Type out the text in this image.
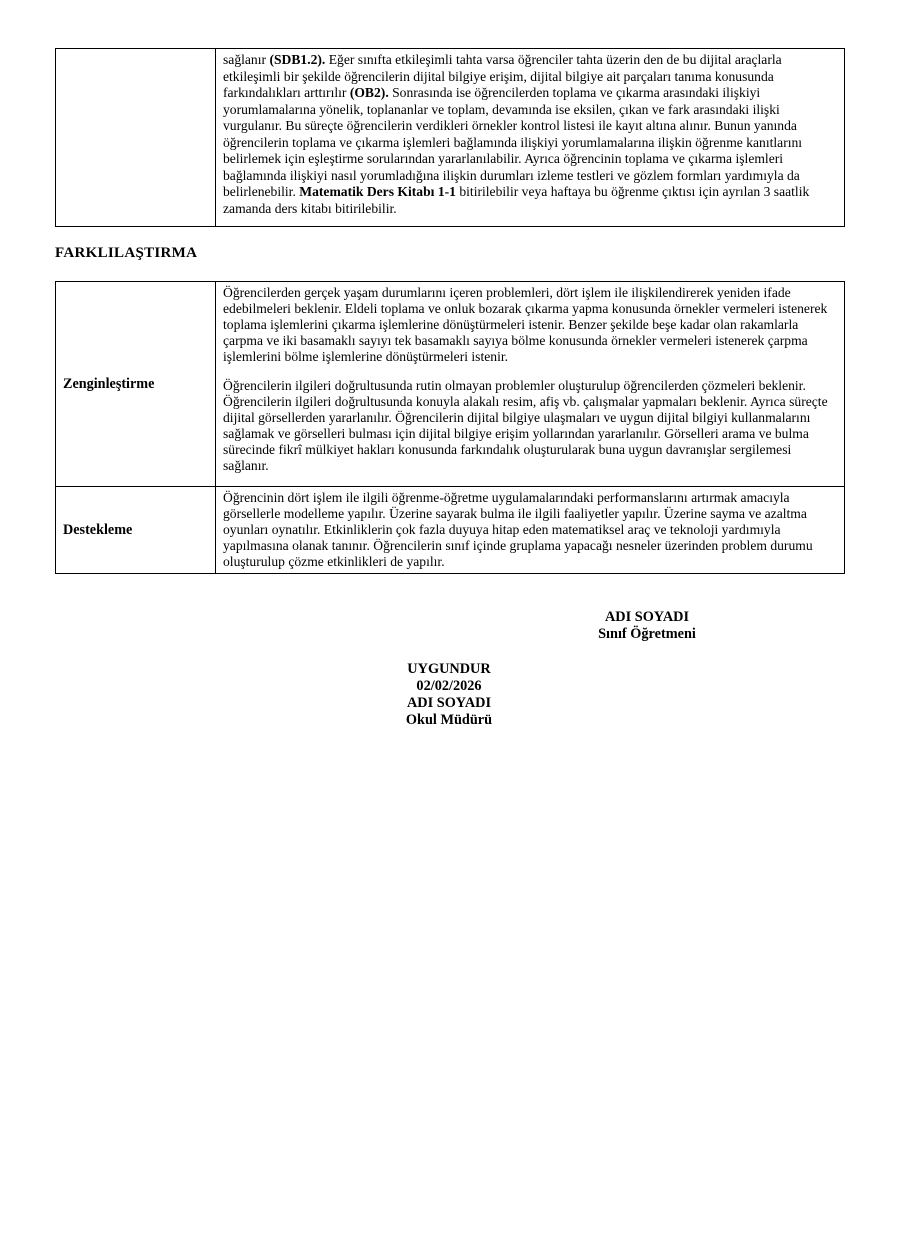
	sağlanır (SDB1.2). Eğer sınıfta etkileşimli tahta varsa öğrenciler tahta üzerin den de bu dijital araçlarla etkileşimli bir şekilde öğrencilerin dijital bilgiye erişim, dijital bilgiye ait parçaları tanıma konusunda farkındalıkları arttırılır (OB2). Sonrasında ise öğrencilerden toplama ve çıkarma arasındaki ilişkiyi yorumlamalarına yönelik, toplananlar ve toplam, devamında ise eksilen, çıkan ve fark arasındaki ilişki vurgulanır. Bu süreçte öğrencilerin verdikleri örnekler kontrol listesi ile kayıt altına alınır. Bunun yanında öğrencilerin toplama ve çıkarma işlemleri bağlamında ilişkiyi yorumlamalarına ilişkin öğrenme kanıtlarını belirlemek için eşleştirme sorularından yararlanılabilir. Ayrıca öğrencinin toplama ve çıkarma işlemleri bağlamında ilişkiyi nasıl yorumladığına ilişkin durumları izleme testleri ve gözlem formları yardımıyla da belirlenebilir. Matematik Ders Kitabı 1-1 bitirilebilir veya haftaya bu öğrenme çıktısı için ayrılan 3 saatlik zamanda ders kitabı bitirilebilir.
FARKLILAŞTIRMA
Zenginleştirme	Öğrencilerden gerçek yaşam durumlarını içeren problemleri, dört işlem ile ilişkilendirerek yeniden ifade edebilmeleri beklenir. Eldeli toplama ve onluk bozarak çıkarma yapma konusunda örnekler vermeleri istenerek toplama işlemlerini çıkarma işlemlerine dönüştürmeleri istenir. Benzer şekilde beşe kadar olan rakamlarla çarpma ve iki basamaklı sayıyı tek basamaklı sayıya bölme konusunda örnekler vermeleri istenerek çarpma işlemlerini bölme işlemlerine dönüştürmeleri istenir.
Öğrencilerin ilgileri doğrultusunda rutin olmayan problemler oluşturulup öğrencilerden çözmeleri beklenir. Öğrencilerin ilgileri doğrultusunda konuyla alakalı resim, afiş vb. çalışmalar yapmaları beklenir. Ayrıca süreçte dijital görsellerden yararlanılır. Öğrencilerin dijital bilgiye ulaşmaları ve uygun dijital bilgiyi kullanmalarını sağlamak ve görselleri bulması için dijital bilgiye erişim yollarından yararlanılır. Görselleri arama ve bulma sürecinde fikrî mülkiyet hakları konusunda farkındalık oluşturularak buna uygun davranışlar sergilemesi sağlanır.

Destekleme	Öğrencinin dört işlem ile ilgili öğrenme-öğretme uygulamalarındaki performanslarını artırmak amacıyla görsellerle modelleme yapılır. Üzerine sayarak bulma ile ilgili faaliyetler yapılır. Üzerine sayma ve azaltma oyunları oynatılır. Etkinliklerin çok fazla duyuya hitap eden matematiksel araç ve teknoloji yardımıyla yapılmasına olanak tanınır. Öğrencilerin sınıf içinde gruplama yapacağı nesneler üzerinden problem durumu oluşturulup çözme etkinlikleri de yapılır.
ADI SOYADI
Sınıf Öğretmeni
UYGUNDUR
02/02/2026
ADI SOYADI
Okul Müdürü
